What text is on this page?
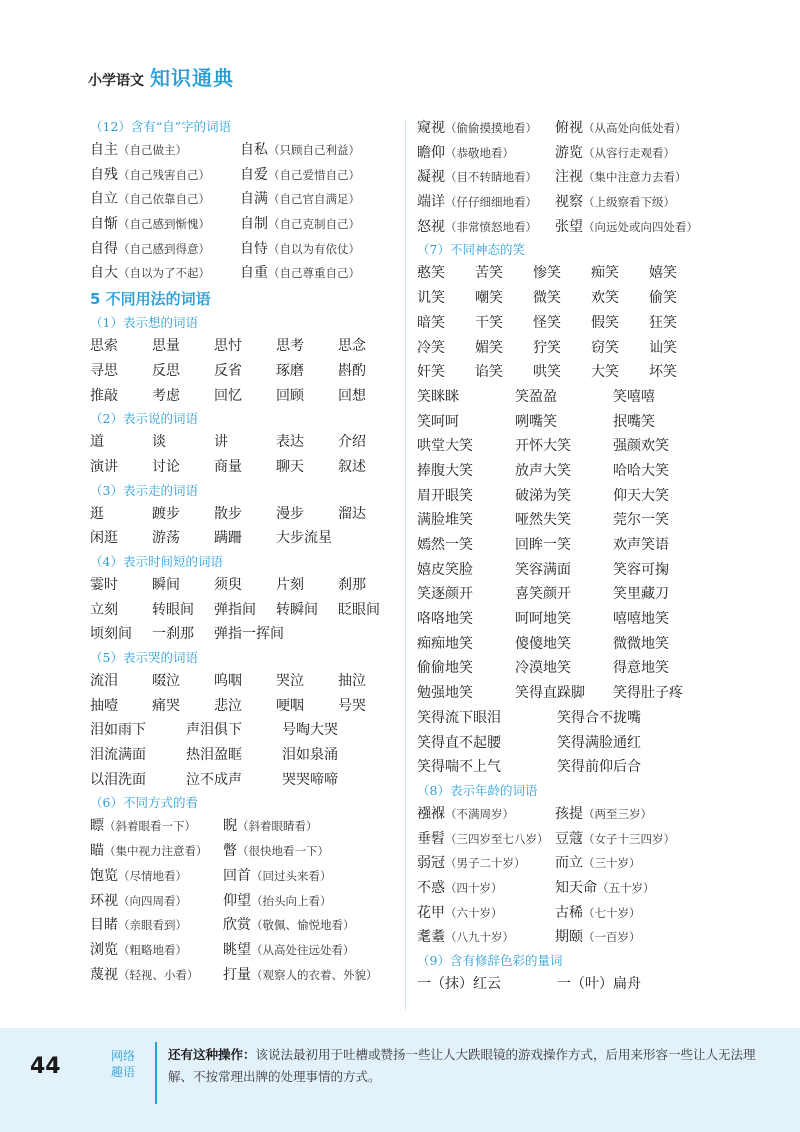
小学语文 知识通典
（12）含有“自”字的词语
自主（自己做主）	自私（只顾自己利益）
自残（自己残害自己） 自爱（自己爱惜自己）
自立（自己依靠自己） 自满（自己官自满足）
自惭（自己感到惭愧） 自制（自己克制自己）
自得（自己感到得意） 自恃（自以为有依仗）
自大（自以为了不起） 自重（自己尊重自己）
5 不同用法的词语
（1）表示想的词语
思索 思量 思忖 思考 思念
寻思 反思 反省 琢磨 斟酌
推敲 考虑 回忆 回顾 回想
（2）表示说的词语
道	谈	讲	表达 介绍
演讲 讨论 商量 聊天 叙述
（3）表示走的词语
逛	踱步 散步 漫步 溜达
闲逛 游荡 蹒跚 大步流星
（4）表示时间短的词语
霎时 瞬间 须臾 片刻 刹那
立刻 转眼间 弹指间 转瞬间 眨眼间
顷刻间 一刹那 弹指一挥间
（5）表示哭的词语
流泪 啜泣 呜咽 哭泣 抽泣
抽噎 痛哭 悲泣 哽咽 号哭
泪如雨下	声泪俱下	号啕大哭
泪流满面	热泪盈眶	泪如泉涌
以泪洗面	泣不成声	哭哭啼啼
（6）不同方式的看
瞟（斜着眼看一下） 睨（斜着眼睛看）
瞄（集中视力注意看） 瞥（很快地看一下）
饱览（尽情地看）	回首（回过头来看）
环视（向四周看）	仰望（抬头向上看）
目睹（亲眼看到）	欣赏（敬佩、愉悦地看）
浏览（粗略地看）	眺望（从高处往远处看）
蔑视（轻视、小看） 打量（观察人的衣着、外貌）
窥视（偷偷摸摸地看） 俯视（从高处向低处看）
瞻仰（恭敬地看）	游览（从容行走观看）
凝视（目不转睛地看） 注视（集中注意力去看）
端详（仔仔细细地看） 视察（上级察看下级）
怒视（非常愤怒地看） 张望（向远处或向四处看）
（7）不同神态的笑
憨笑 苦笑 惨笑 痴笑 嬉笑
讥笑 嘲笑 微笑 欢笑 偷笑
暗笑 干笑 怪笑 假笑 狂笑
冷笑 媚笑 狞笑 窃笑 讪笑
奸笑 谄笑 哄笑 大笑 坏笑
笑眯眯	笑盈盈	笑嘻嘻
笑呵呵	咧嘴笑	抿嘴笑
哄堂大笑	开怀大笑	强颜欢笑
捧腹大笑	放声大笑	哈哈大笑
眉开眼笑	破涕为笑	仰天大笑
满脸堆笑	哑然失笑	莞尔一笑
嫣然一笑	回眸一笑	欢声笑语
嬉皮笑脸	笑容满面	笑容可掬
笑逐颜开	喜笑颜开	笑里藏刀
咯咯地笑	呵呵地笑	嘻嘻地笑
痴痴地笑	傻傻地笑	微微地笑
偷偷地笑	冷漠地笑	得意地笑
勉强地笑	笑得直跺脚 笑得肚子疼
笑得流下眼泪	笑得合不拢嘴
笑得直不起腰	笑得满脸通红
笑得喘不上气	笑得前仰后合
（8）表示年龄的词语
襁褓（不满周岁）	孩提（两至三岁）
垂髫（三四岁至七八岁） 豆蔻（女子十三四岁）
弱冠（男子二十岁） 而立（三十岁）
不惑（四十岁）	知天命（五十岁）
花甲（六十岁）	古稀（七十岁）
耄耋（八九十岁）	期颐（一百岁）
（9）含有修辞色彩的量词
一（抹）红云	一（叶）扁舟
44	网络
趣语
还有这种操作：该说法最初用于吐槽或赞扬一些让人大跌眼镜的游戏操作方式，后用来形容一些让人无法理解、不按常理出牌的处理事情的方式。
